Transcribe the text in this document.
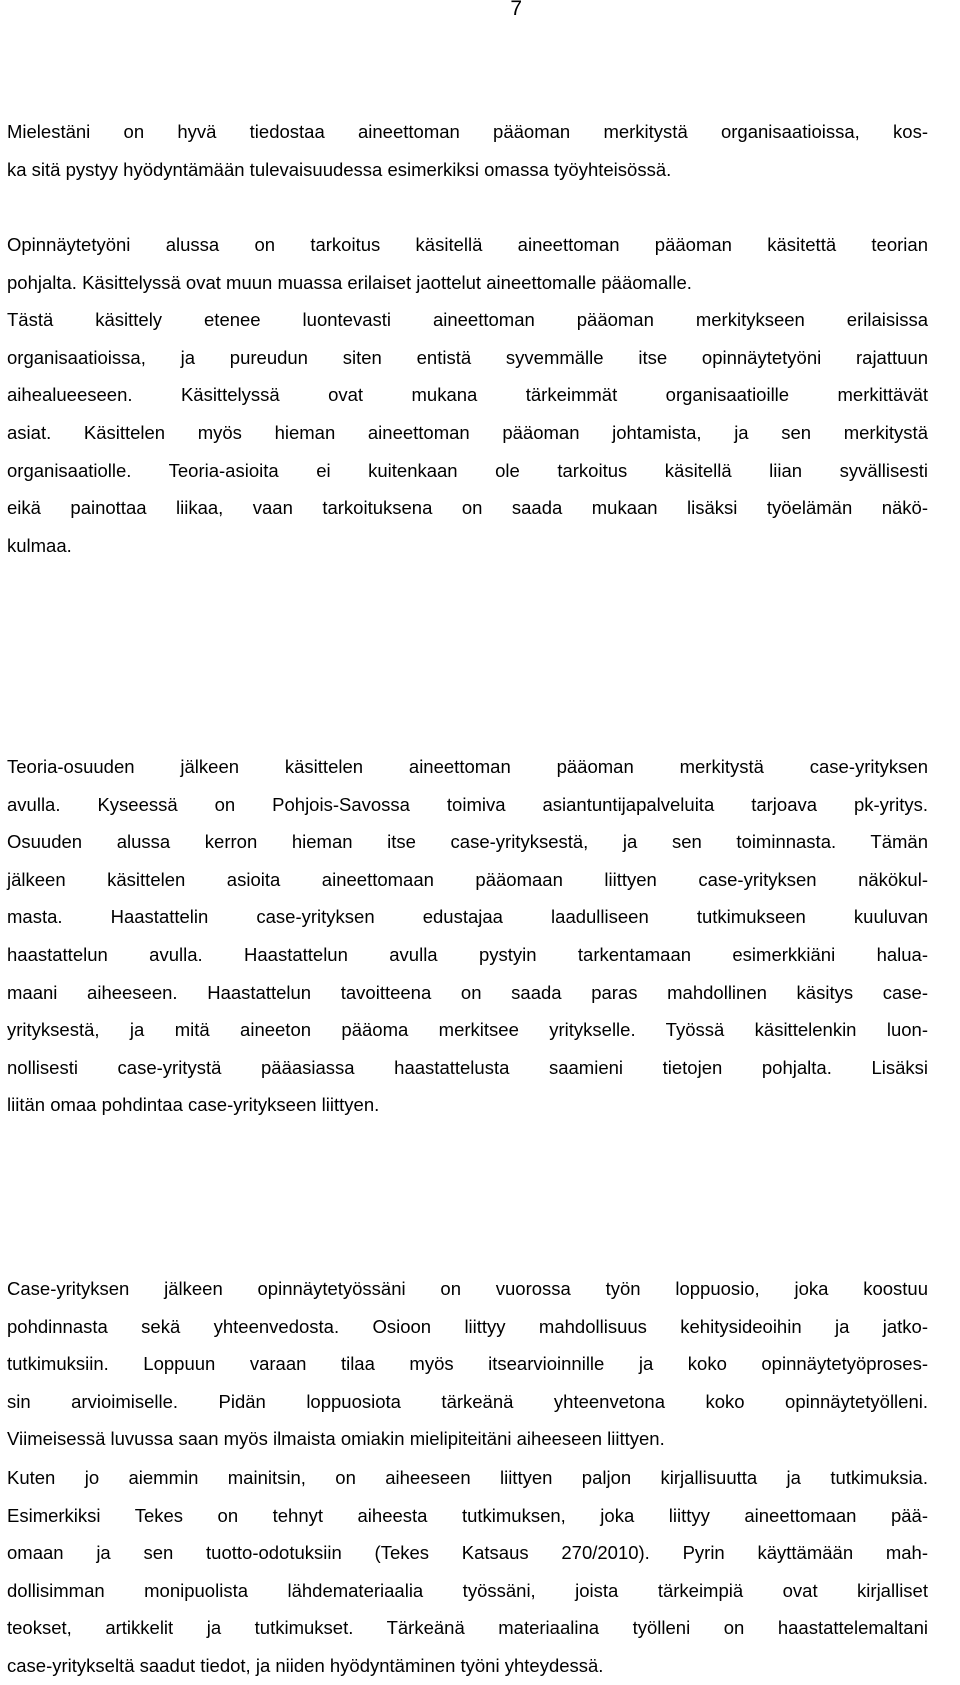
7
Mielestäni on hyvä tiedostaa aineettoman pääoman merkitystä organisaatioissa, kos-
ka sitä pystyy hyödyntämään tulevaisuudessa esimerkiksi omassa työyhteisössä.
Opinnäytetyöni alussa on tarkoitus käsitellä aineettoman pääoman käsitettä teorian
pohjalta. Käsittelyssä ovat muun muassa erilaiset jaottelut aineettomalle pääomalle.
Tästä käsittely etenee luontevasti aineettoman pääoman merkitykseen erilaisissa
organisaatioissa, ja pureudun siten entistä syvemmälle itse opinnäytetyöni rajattuun
aihealueeseen. Käsittelyssä ovat mukana tärkeimmät organisaatioille merkittävät
asiat. Käsittelen myös hieman aineettoman pääoman johtamista, ja sen merkitystä
organisaatiolle. Teoria-asioita ei kuitenkaan ole tarkoitus käsitellä liian syvällisesti
eikä painottaa liikaa, vaan tarkoituksena on saada mukaan lisäksi työelämän näkö-
kulmaa.
Teoria-osuuden jälkeen käsittelen aineettoman pääoman merkitystä case-yrityksen
avulla. Kyseessä on Pohjois-Savossa toimiva asiantuntijapalveluita tarjoava pk-yritys.
Osuuden alussa kerron hieman itse case-yrityksestä, ja sen toiminnasta. Tämän
jälkeen käsittelen asioita aineettomaan pääomaan liittyen case-yrityksen näkökul-
masta. Haastattelin case-yrityksen edustajaa laadulliseen tutkimukseen kuuluvan
haastattelun avulla. Haastattelun avulla pystyin tarkentamaan esimerkkiäni halua-
maani aiheeseen. Haastattelun tavoitteena on saada paras mahdollinen käsitys case-
yrityksestä, ja mitä aineeton pääoma merkitsee yritykselle. Työssä käsittelenkin luon-
nollisesti case-yritystä pääasiassa haastattelusta saamieni tietojen pohjalta. Lisäksi
liitän omaa pohdintaa case-yritykseen liittyen.
Case-yrityksen jälkeen opinnäytetyössäni on vuorossa työn loppuosio, joka koostuu
pohdinnasta sekä yhteenvedosta. Osioon liittyy mahdollisuus kehitysideoihin ja jatko-
tutkimuksiin. Loppuun varaan tilaa myös itsearvioinnille ja koko opinnäytetyöproses-
sin arvioimiselle. Pidän loppuosiota tärkeänä yhteenvetona koko opinnäytetyölleni.
Viimeisessä luvussa saan myös ilmaista omiakin mielipiteitäni aiheeseen liittyen.
Kuten jo aiemmin mainitsin, on aiheeseen liittyen paljon kirjallisuutta ja tutkimuksia.
Esimerkiksi Tekes on tehnyt aiheesta tutkimuksen, joka liittyy aineettomaan pää-
omaan ja sen tuotto-odotuksiin (Tekes Katsaus 270/2010). Pyrin käyttämään mah-
dollisimman monipuolista lähdemateriaalia työssäni, joista tärkeimpiä ovat kirjalliset
teokset, artikkelit ja tutkimukset. Tärkeänä materiaalina työlleni on haastattelemaltani
case-yritykseltä saadut tiedot, ja niiden hyödyntäminen työni yhteydessä.
